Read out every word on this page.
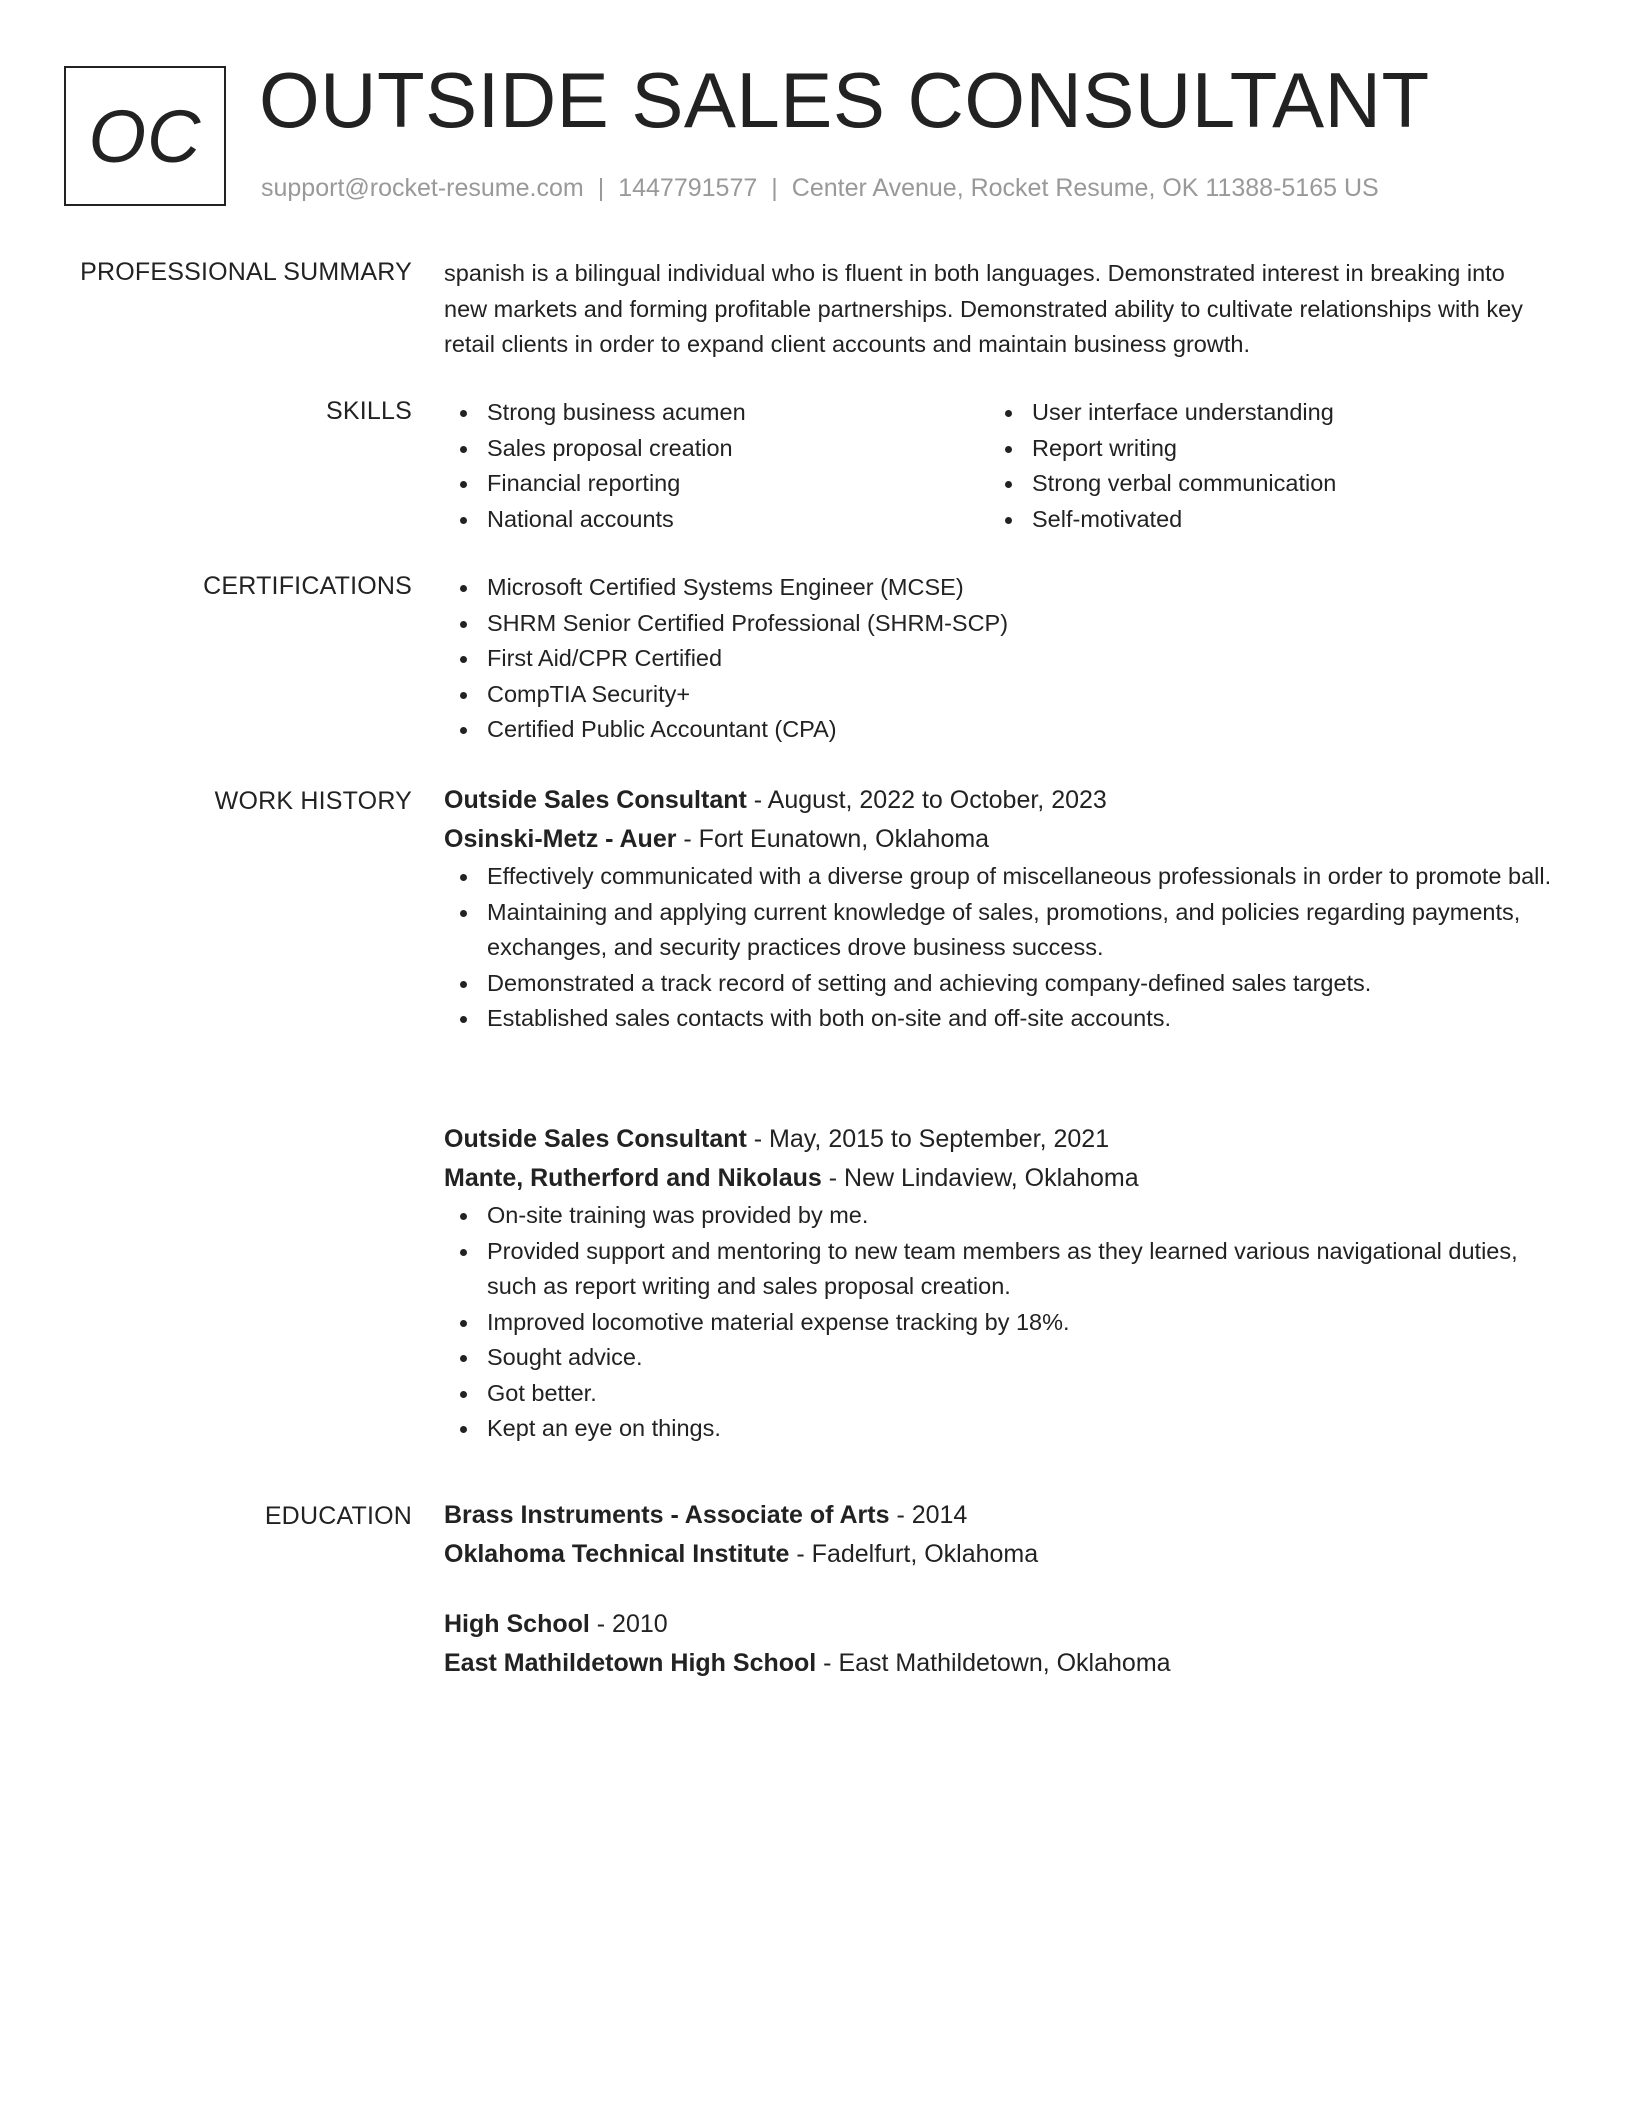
OC OUTSIDE SALES CONSULTANT
support@rocket-resume.com | 1447791577 | Center Avenue, Rocket Resume, OK 11388-5165 US
PROFESSIONAL SUMMARY spanish is a bilingual individual who is fluent in both languages. Demonstrated interest in breaking into new markets and forming profitable partnerships. Demonstrated ability to cultivate relationships with key retail clients in order to expand client accounts and maintain business growth.
SKILLS	Strong business acumen
Sales proposal creation
Financial reporting
National accounts
User interface understanding
Report writing
Strong verbal communication
Self-motivated
CERTIFICATIONS	Microsoft Certified Systems Engineer (MCSE)
SHRM Senior Certified Professional (SHRM-SCP)
First Aid/CPR Certified
CompTIA Security+
Certified Public Accountant (CPA)
WORK HISTORY Outside Sales Consultant - August, 2022 to October, 2023
Osinski-Metz - Auer - Fort Eunatown, Oklahoma
Effectively communicated with a diverse group of miscellaneous professionals in order to promote ball.
Maintaining and applying current knowledge of sales, promotions, and policies regarding payments, exchanges, and security practices drove business success.
Demonstrated a track record of setting and achieving company-defined sales targets.
Established sales contacts with both on-site and off-site accounts.
Outside Sales Consultant - May, 2015 to September, 2021
Mante, Rutherford and Nikolaus - New Lindaview, Oklahoma
On-site training was provided by me.
Provided support and mentoring to new team members as they learned various navigational duties, such as report writing and sales proposal creation.
Improved locomotive material expense tracking by 18%.
Sought advice.
Got better.
Kept an eye on things.
EDUCATION Brass Instruments - Associate of Arts - 2014
Oklahoma Technical Institute - Fadelfurt, Oklahoma
High School - 2010
East Mathildetown High School - East Mathildetown, Oklahoma
